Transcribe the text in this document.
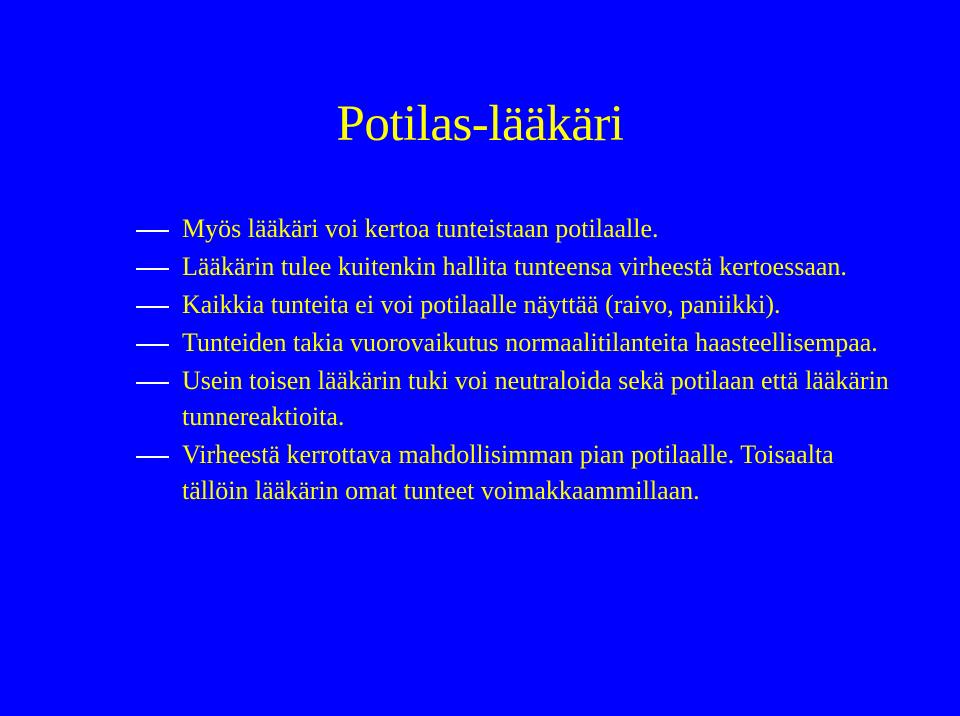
Potilas-lääkäri
Myös lääkäri voi kertoa tunteistaan potilaalle.
Lääkärin tulee kuitenkin hallita tunteensa virheestä kertoessaan.
Kaikkia tunteita ei voi potilaalle näyttää (raivo, paniikki).
Tunteiden takia vuorovaikutus normaalitilanteita haasteellisempaa.
Usein toisen lääkärin tuki voi neutraloida sekä potilaan että lääkärin tunnereaktioita.
Virheestä kerrottava mahdollisimman pian potilaalle. Toisaalta tällöin lääkärin omat tunteet voimakkaammillaan.
